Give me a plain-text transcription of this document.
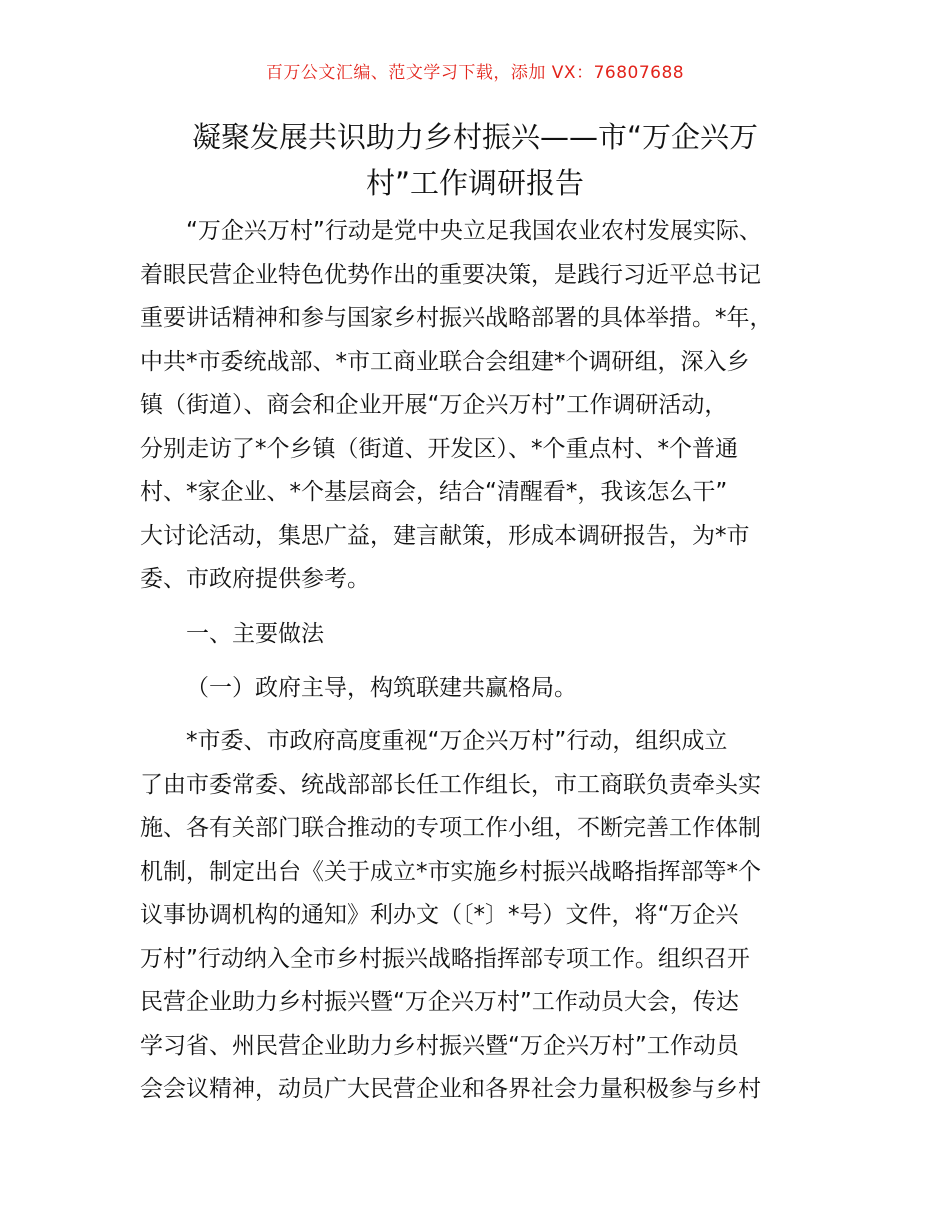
百万公文汇编、范文学习下载，添加 VX：76807688
凝聚发展共识助力乡村振兴——市“万企兴万
村”工作调研报告

“万企兴万村”行动是党中央立足我国农业农村发展实际、
着眼民营企业特色优势作出的重要决策，是践行习近平总书记
重要讲话精神和参与国家乡村振兴战略部署的具体举措。*年，
中共*市委统战部、*市工商业联合会组建*个调研组，深入乡
镇（街道）、商会和企业开展“万企兴万村”工作调研活动，
分别走访了*个乡镇（街道、开发区）、*个重点村、*个普通
村、*家企业、*个基层商会，结合“清醒看*，我该怎么干”
大讨论活动，集思广益，建言献策，形成本调研报告，为*市
委、市政府提供参考。

一、主要做法
（一）政府主导，构筑联建共赢格局。

*市委、市政府高度重视“万企兴万村”行动，组织成立
了由市委常委、统战部部长任工作组长，市工商联负责牵头实
施、各有关部门联合推动的专项工作小组，不断完善工作体制
机制，制定出台《关于成立*市实施乡村振兴战略指挥部等*个
议事协调机构的通知》利办文（〔*〕*号）文件，将“万企兴
万村”行动纳入全市乡村振兴战略指挥部专项工作。组织召开
民营企业助力乡村振兴暨“万企兴万村”工作动员大会，传达
学习省、州民营企业助力乡村振兴暨“万企兴万村”工作动员
会会议精神，动员广大民营企业和各界社会力量积极参与乡村
